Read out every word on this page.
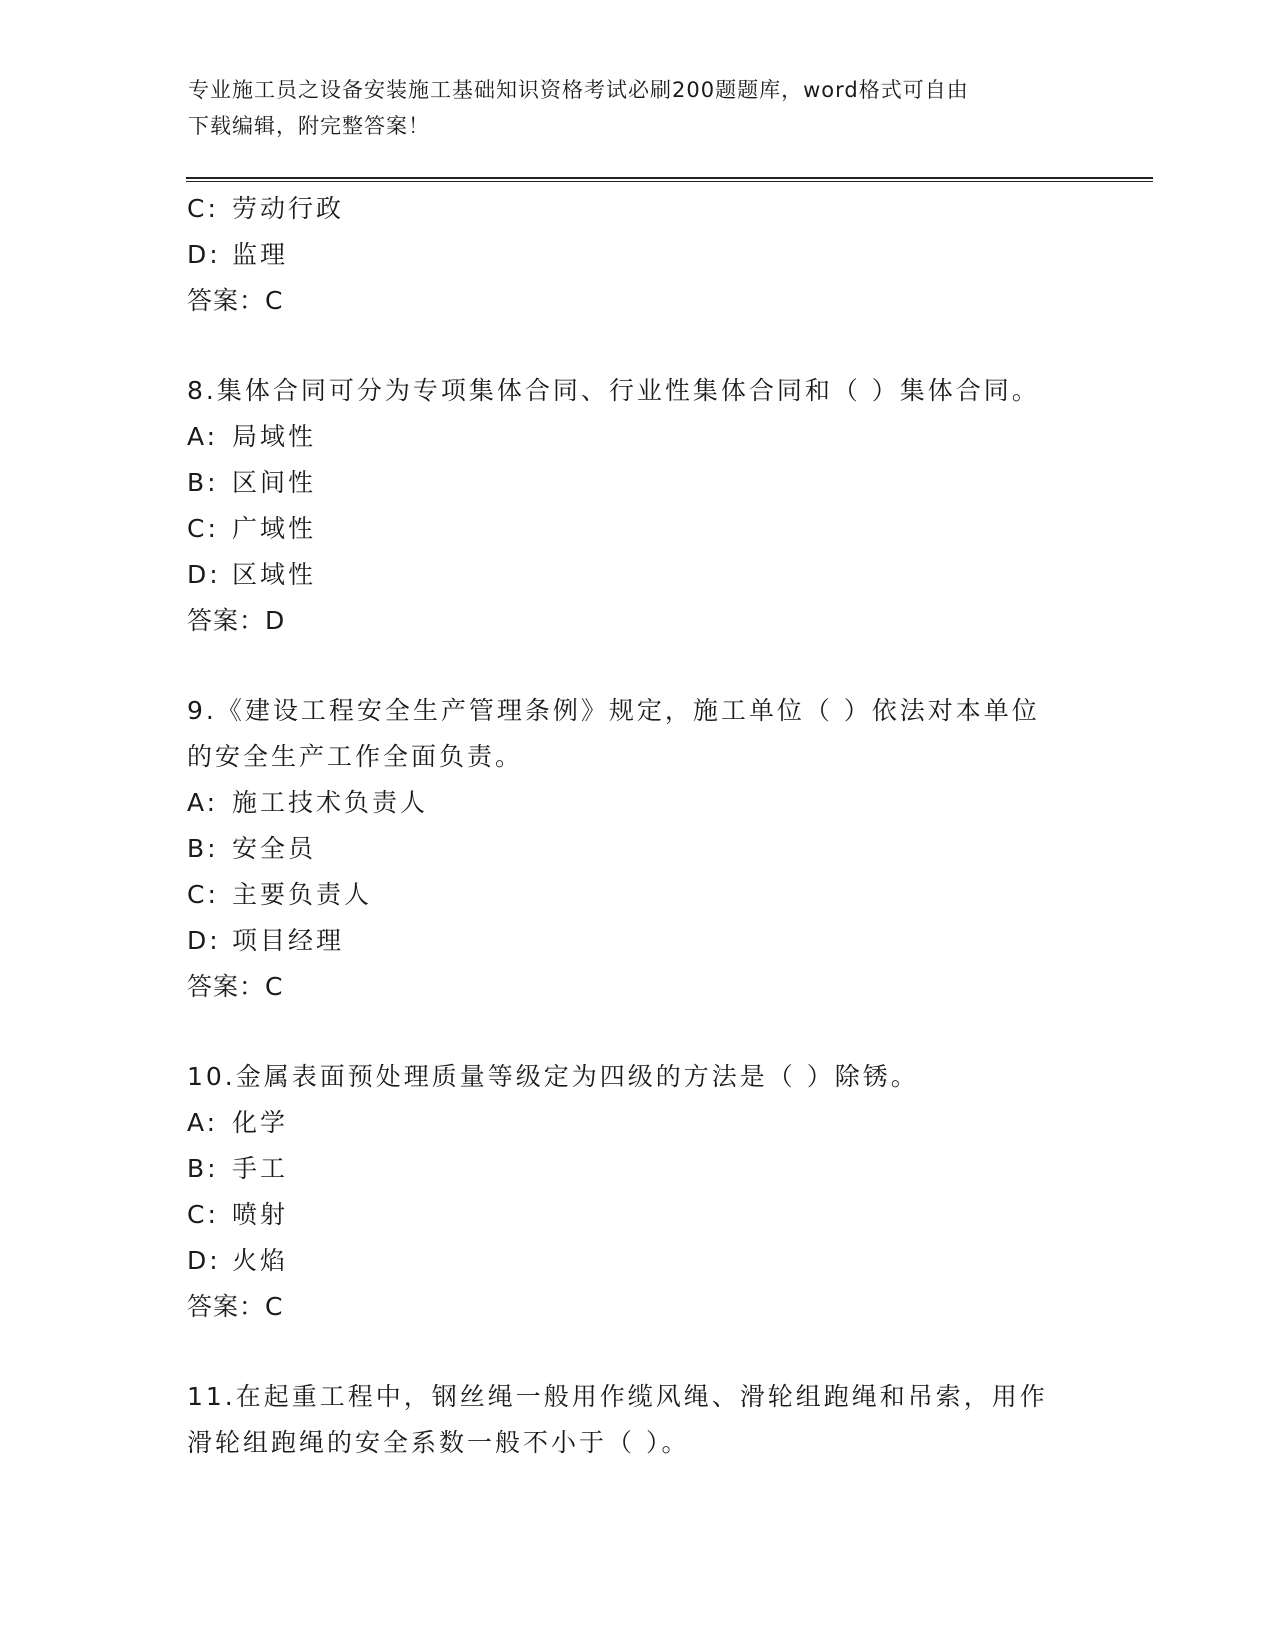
专业施工员之设备安装施工基础知识资格考试必刷200题题库，word格式可自由
下载编辑，附完整答案！
C: 劳动行政
D: 监理
答案：C
8.集体合同可分为专项集体合同、行业性集体合同和（ ）集体合同。
A: 局域性
B: 区间性
C: 广域性
D: 区域性
答案：D
9.《建设工程安全生产管理条例》规定，施工单位（ ）依法对本单位
的安全生产工作全面负责。
A: 施工技术负责人
B: 安全员
C: 主要负责人
D: 项目经理
答案：C
10.金属表面预处理质量等级定为四级的方法是（ ）除锈。
A: 化学
B: 手工
C: 喷射
D: 火焰
答案：C
11.在起重工程中，钢丝绳一般用作缆风绳、滑轮组跑绳和吊索，用作
滑轮组跑绳的安全系数一般不小于（ ）。
